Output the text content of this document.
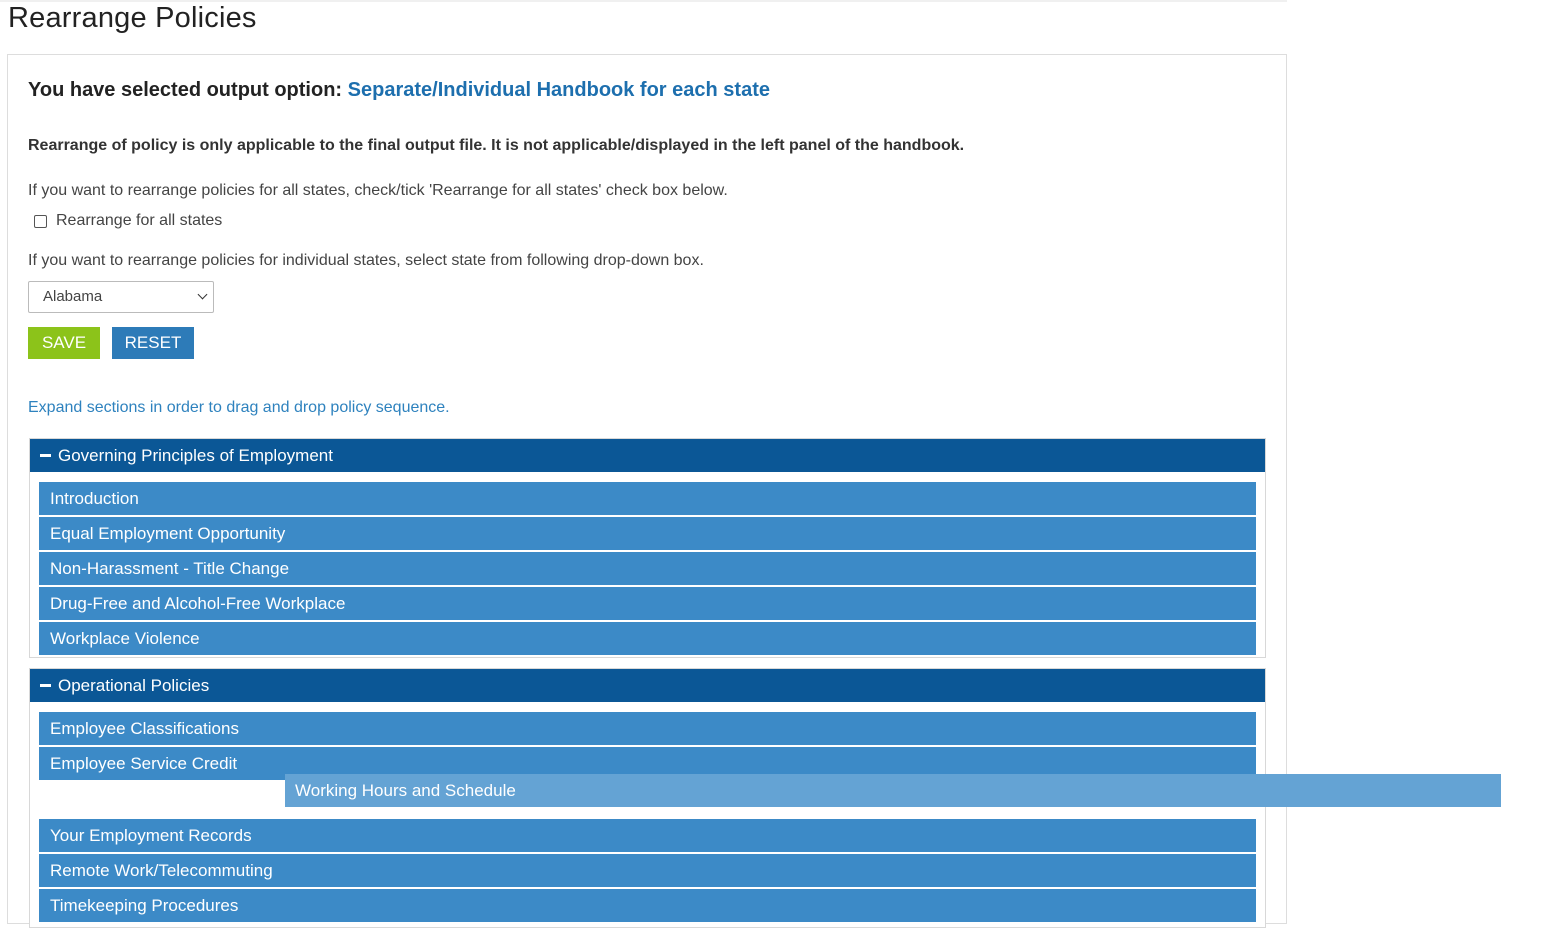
Rearrange Policies
You have selected output option: Separate/Individual Handbook for each state
Rearrange of policy is only applicable to the final output file. It is not applicable/displayed in the left panel of the handbook.
If you want to rearrange policies for all states, check/tick 'Rearrange for all states' check box below.
Rearrange for all states
If you want to rearrange policies for individual states, select state from following drop-down box.
Alabama
SAVE	RESET
Expand sections in order to drag and drop policy sequence.
Governing Principles of Employment
Introduction
Equal Employment Opportunity
Non-Harassment - Title Change
Drug-Free and Alcohol-Free Workplace
Workplace Violence
Operational Policies
Employee Classifications
Employee Service Credit
Your Employment Records
Remote Work/Telecommuting
Timekeeping Procedures
Working Hours and Schedule
